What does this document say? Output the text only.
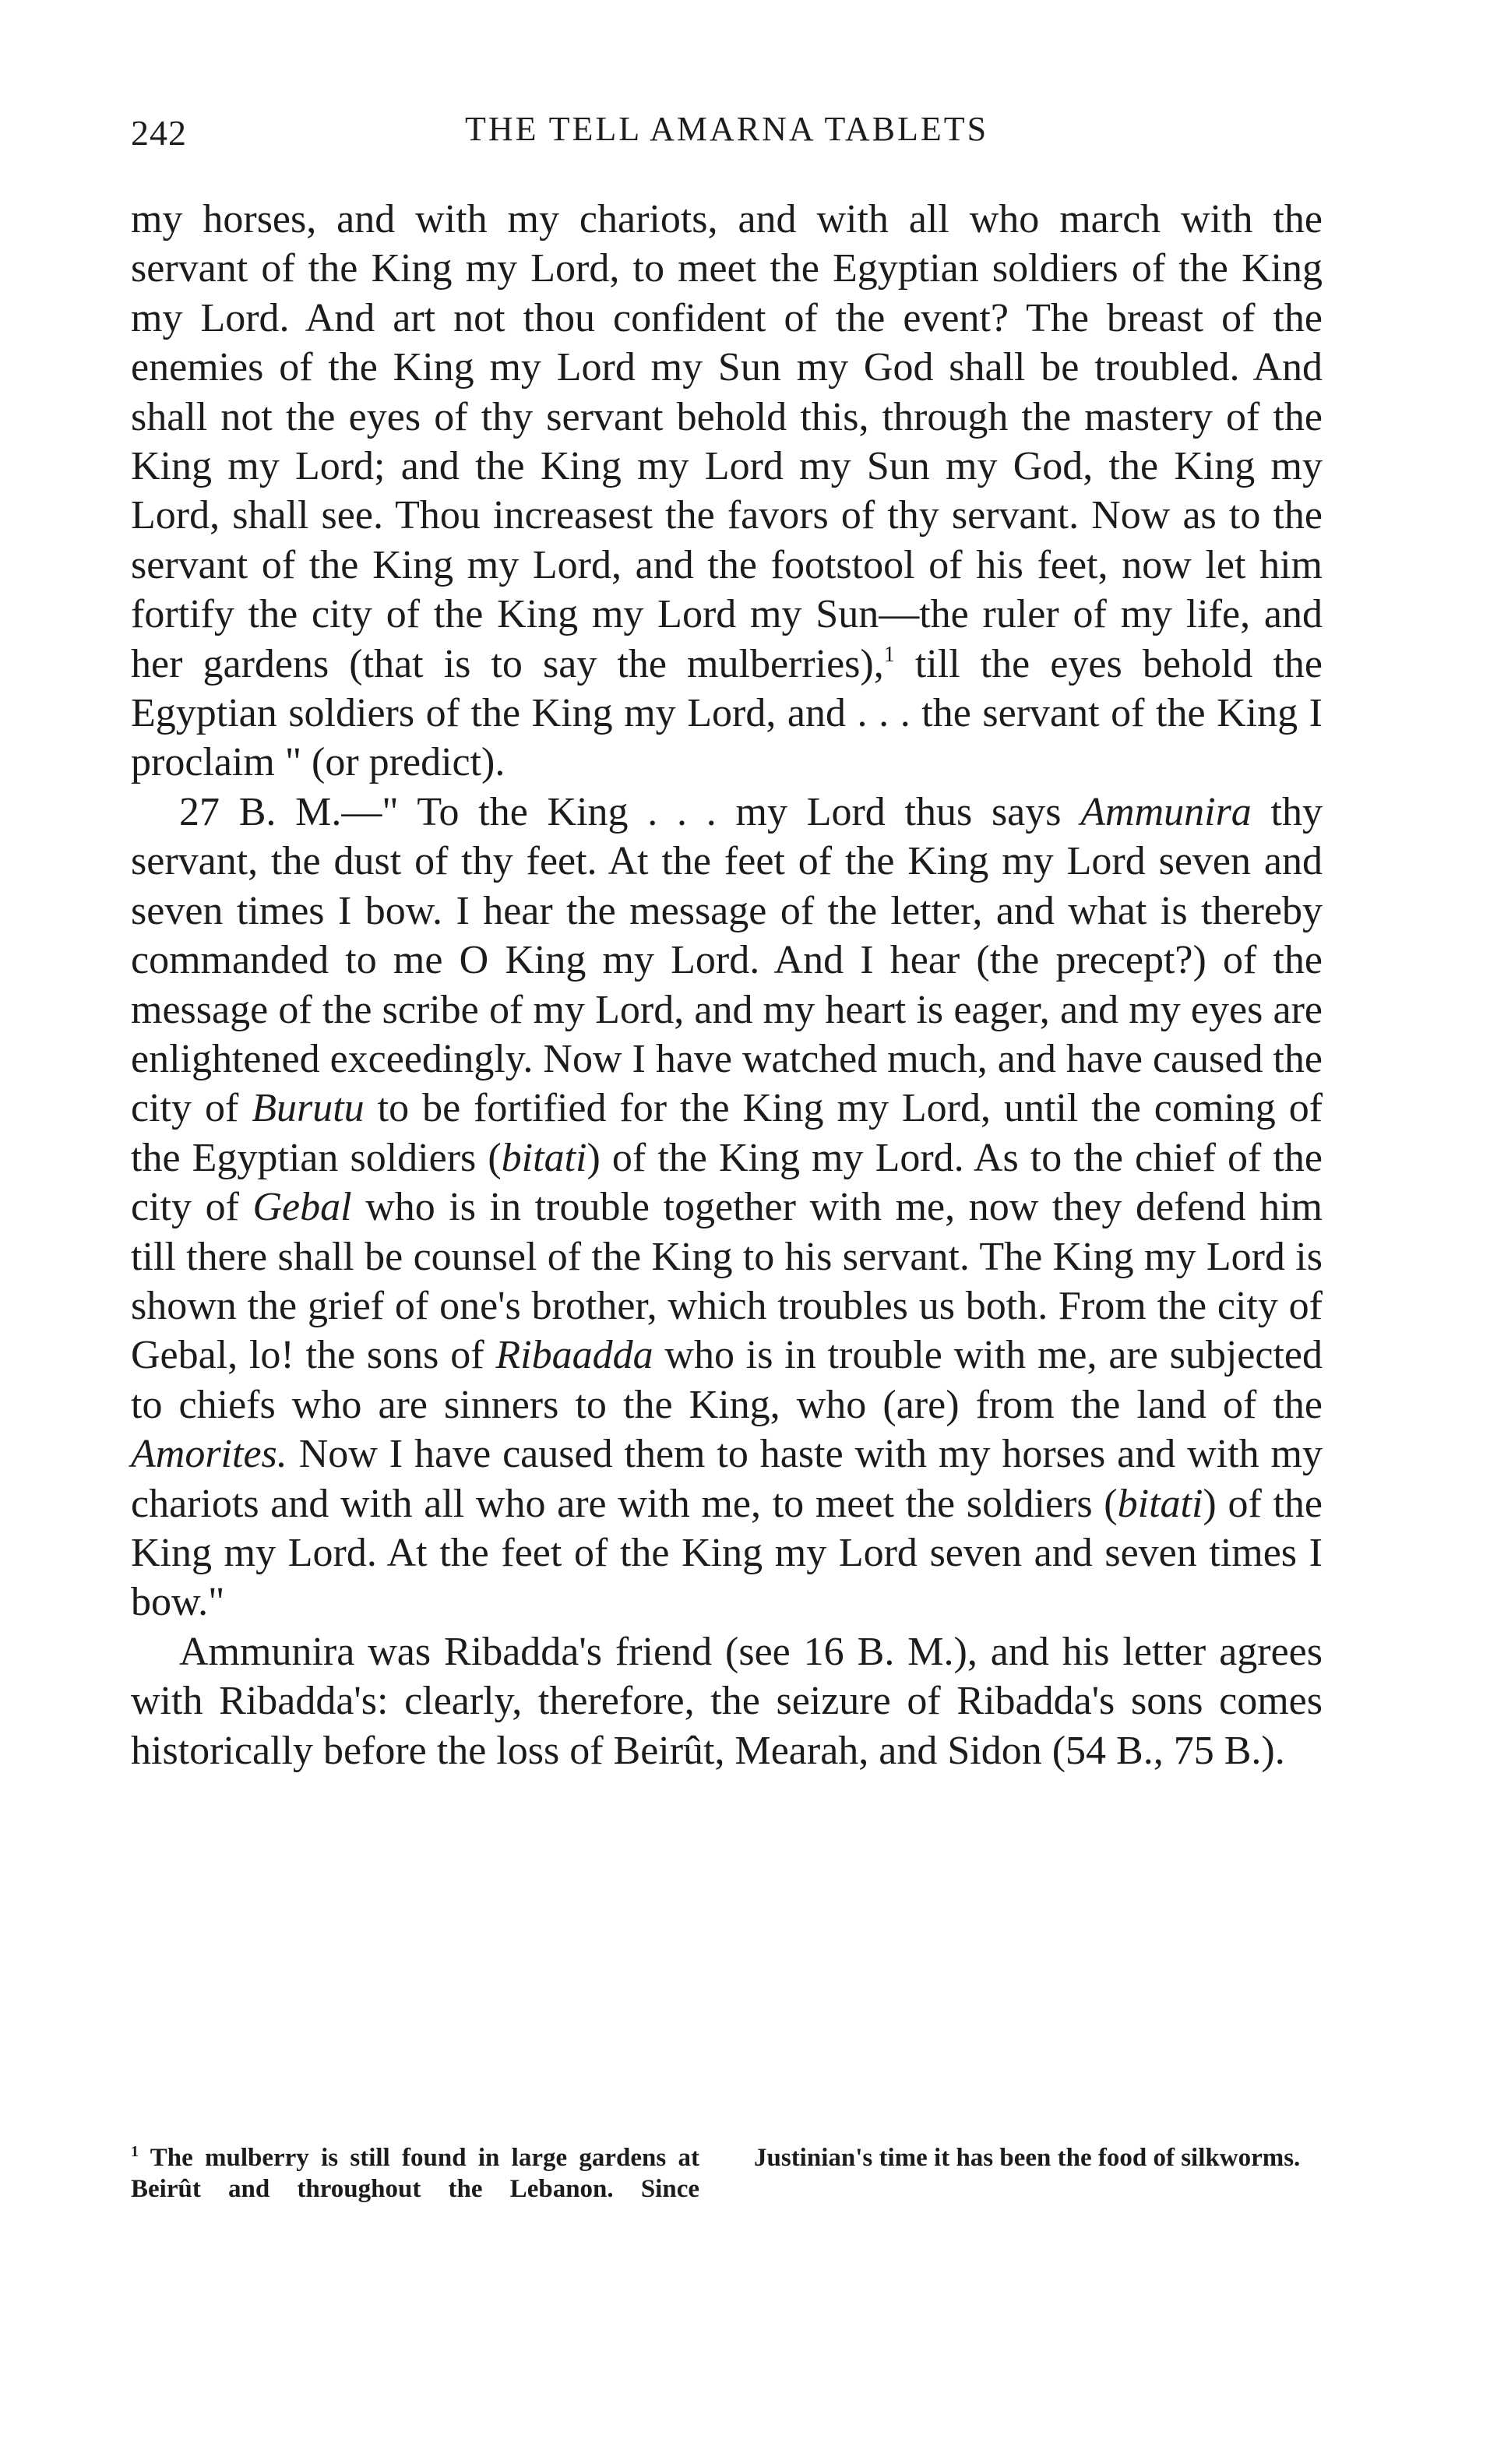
242	THE TELL AMARNA TABLETS

my horses, and with my chariots, and with all who march with the servant of the King my Lord, to meet the Egyptian soldiers of the King my Lord. And art not thou confident of the event? The breast of the enemies of the King my Lord my Sun my God shall be troubled. And shall not the eyes of thy servant behold this, through the mastery of the King my Lord; and the King my Lord my Sun my God, the King my Lord, shall see. Thou increasest the favors of thy servant. Now as to the servant of the King my Lord, and the footstool of his feet, now let him fortify the city of the King my Lord my Sun—the ruler of my life, and her gardens (that is to say the mulberries),$^1$ till the eyes behold the Egyptian soldiers of the King my Lord, and . . . the servant of the King I proclaim " (or predict).

27 B. M.—" To the King . . . my Lord thus says Ammunira thy servant, the dust of thy feet. At the feet of the King my Lord seven and seven times I bow. I hear the message of the letter, and what is thereby commanded to me O King my Lord. And I hear (the precept?) of the message of the scribe of my Lord, and my heart is eager, and my eyes are enlightened exceedingly. Now I have watched much, and have caused the city of Burutu to be fortified for the King my Lord, until the coming of the Egyptian soldiers (bitati) of the King my Lord. As to the chief of the city of Gebal who is in trouble together with me, now they defend him till there shall be counsel of the King to his servant. The King my Lord is shown the grief of one's brother, which troubles us both. From the city of Gebal, lo! the sons of Ribaadda who is in trouble with me, are subjected to chiefs who are sinners to the King, who (are) from the land of the Amorites. Now I have caused them to haste with my horses and with my chariots and with all who are with me, to meet the soldiers (bitati) of the King my Lord. At the feet of the King my Lord seven and seven times I bow."

Ammunira was Ribadda's friend (see 16 B. M.), and his letter agrees with Ribadda's: clearly, therefore, the seizure of Ribadda's sons comes historically before the loss of Beirût, Mearah, and Sidon (54 B., 75 B.).

$^1$ The mulberry is still found in large gardens at Beirût and throughout the Lebanon. Since Justinian's time it has been the food of silkworms.
